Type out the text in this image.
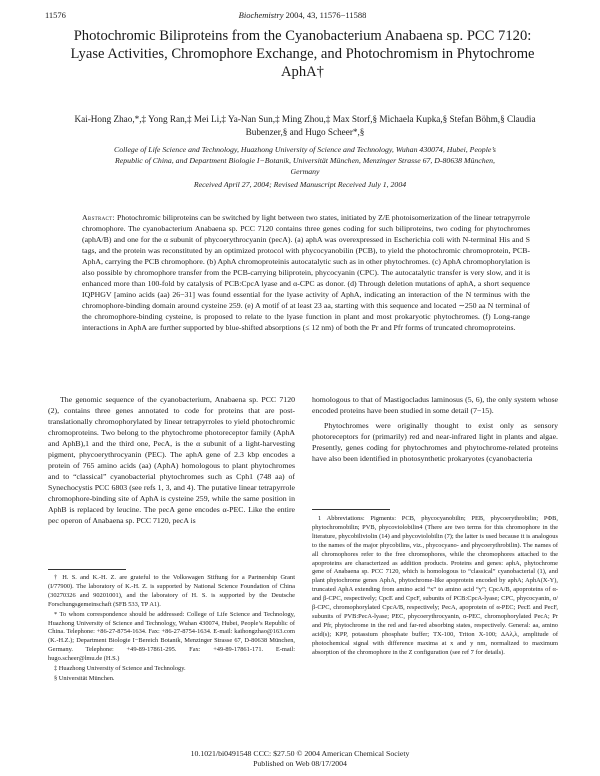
11576	Biochemistry 2004, 43, 11576−11588
Photochromic Biliproteins from the Cyanobacterium Anabaena sp. PCC 7120: Lyase Activities, Chromophore Exchange, and Photochromism in Phytochrome AphA†
Kai-Hong Zhao,*,‡ Yong Ran,‡ Mei Li,‡ Ya-Nan Sun,‡ Ming Zhou,‡ Max Storf,§ Michaela Kupka,§ Stefan Böhm,§ Claudia Bubenzer,§ and Hugo Scheer*,§
College of Life Science and Technology, Huazhong University of Science and Technology, Wuhan 430074, Hubei, People’s Republic of China, and Department Biologie I−Botanik, Universität München, Menzinger Strasse 67, D-80638 München, Germany
Received April 27, 2004; Revised Manuscript Received July 1, 2004
Abstract: Photochromic biliproteins can be switched by light between two states, initiated by Z/E photoisomerization of the linear tetrapyrrole chromophore. The cyanobacterium Anabaena sp. PCC 7120 contains three genes coding for such biliproteins, two coding for phytochromes (aphA/B) and one for the α subunit of phycoerythrocyanin (pecA). (a) aphA was overexpressed in Escherichia coli with N-terminal His and S tags, and the protein was reconstituted by an optimized protocol with phycocyanobilin (PCB), to yield the photochromic chromoprotein, PCB-AphA, carrying the PCB chromophore. (b) AphA chromoproteinis autocatalytic such as in other phytochromes. (c) AphA chromophorylation is also possible by chromophore transfer from the PCB-carrying biliprotein, phycocyanin (CPC). The autocatalytic transfer is very slow, and it is enhanced more than 100-fold by catalysis of PCB:CpcA lyase and α-CPC as donor. (d) Through deletion mutations of aphA, a short sequence IQPHGV [amino acids (aa) 26−31] was found essential for the lyase activity of AphA, indicating an interaction of the N terminus with the chromophore-binding domain around cysteine 259. (e) A motif of at least 23 aa, starting with this sequence and located ∼250 aa N terminal of the chromophore-binding cysteine, is proposed to relate to the lyase function in plant and most prokaryotic phytochromes. (f) Long-range interactions in AphA are further supported by blue-shifted absorptions (≤ 12 nm) of both the Pr and Pfr forms of truncated chromoproteins.

The genomic sequence of the cyanobacterium, Anabaena sp. PCC 7120 (2), contains three genes annotated to code for proteins that are post-translationally chromophorylated by linear tetrapyrroles to yield photochromic chromoproteins. Two belong to the phytochrome photoreceptor family (AphA and AphB),1 and the third one, PecA, is the α subunit of a light-harvesting pigment, phycoerythrocyanin (PEC). The aphA gene of 2.3 kbp encodes a protein of 765 amino acids (aa) (AphA) homologous to plant phytochromes and to “classical” cyanobacterial phytochromes such as Cph1 (748 aa) of Synechocystis PCC 6803 (see refs 1, 3, and 4). The putative linear tetrapyrrole chromophore-binding site of AphA is cysteine 259, while the same position in AphB is replaced by leucine. The pecA gene encodes α-PEC. Like the entire pec operon of Anabaena sp. PCC 7120, pecA is

homologous to that of Mastigocladus laminosus (5, 6), the only system whose encoded proteins have been studied in some detail (7−15).

Phytochromes were originally thought to exist only as sensory photoreceptors for (primarily) red and near-infrared light in plants and algae. Presently, genes coding for phytochromes and phytochrome-related proteins have also been identified in photosynthetic prokaryotes (cyanobacteria

† H. S. and K.-H. Z. are grateful to the Volkswagen Stiftung for a Partnership Grant (I/77900). The laboratory of K.-H. Z. is supported by National Science Foundation of China (30270326 and 90201001), and the laboratory of H. S. is supported by the Deutsche Forschungsgemeinschaft (SFB 533, TP A1).

* To whom correspondence should be addressed: College of Life Science and Technology, Huazhong University of Science and Technology, Wuhan 430074, Hubei, People’s Republic of China. Telephone: +86-27-8754-1634. Fax: +86-27-8754-1634. E-mail: kaihongzhao@163.com (K.-H.Z.); Department Biologie I−Bereich Botanik, Menzinger Strasse 67, D-80638 München, Germany. Telephone: +49-89-17861-295. Fax: +49-89-17861-171. E-mail: hugo.scheer@lmu.de (H.S.)

‡ Huazhong University of Science and Technology.

§ Universität München.

1 Abbreviations: Pigments: PCB, phycocyanobilin; PEB, phycoerythrobilin; PΦB, phytochromobilin; PVB, phycoviolobilin4 (There are two terms for this chromophore in the literature, phycobiliviolin (14) and phycoviolobilin (7); the latter is used because it is analogous to the names of the major phycobilins, viz., phycocyano- and phycoerythrobilin). The names of all chromophores refer to the free chromophores, while the chromophores attached to the apoproteins are characterized as addition products. Proteins and genes: aphA, phytochrome gene of Anabaena sp. PCC 7120, which is homologous to “classical” cyanobacterial (1), and plant phytochrome genes AphA, phytochrome-like apoprotein encoded by aphA; AphA(X-Y), truncated AphA extending from amino acid “x” to amino acid “y”; CpcA/B, apoproteins of α- and β-CPC, respectively; CpcE and CpcF, subunits of PCB:CpcA-lyase; CPC, phycocyanin, α/β-CPC, chromophorylated CpcA/B, respectively; PecA, apoprotein of α-PEC; PecE and PecF, subunits of PVB:PecA-lyase; PEC, phycoerythrocyanin, α-PEC, chromophorylated PecA; Pr and Pfr, phytochrome in the red and far-red absorbing states, respectively. General: aa, amino acid(s); KPP, potassium phosphate buffer; TX-100, Triton X-100; ΔAλ,λ, amplitude of photochemical signal with difference maxima at x and y nm, normalized to maximum absorption of the chromophore in the Z configuration (see ref 7 for details).

10.1021/bi0491548 CCC: $27.50 © 2004 American Chemical Society
Published on Web 08/17/2004
